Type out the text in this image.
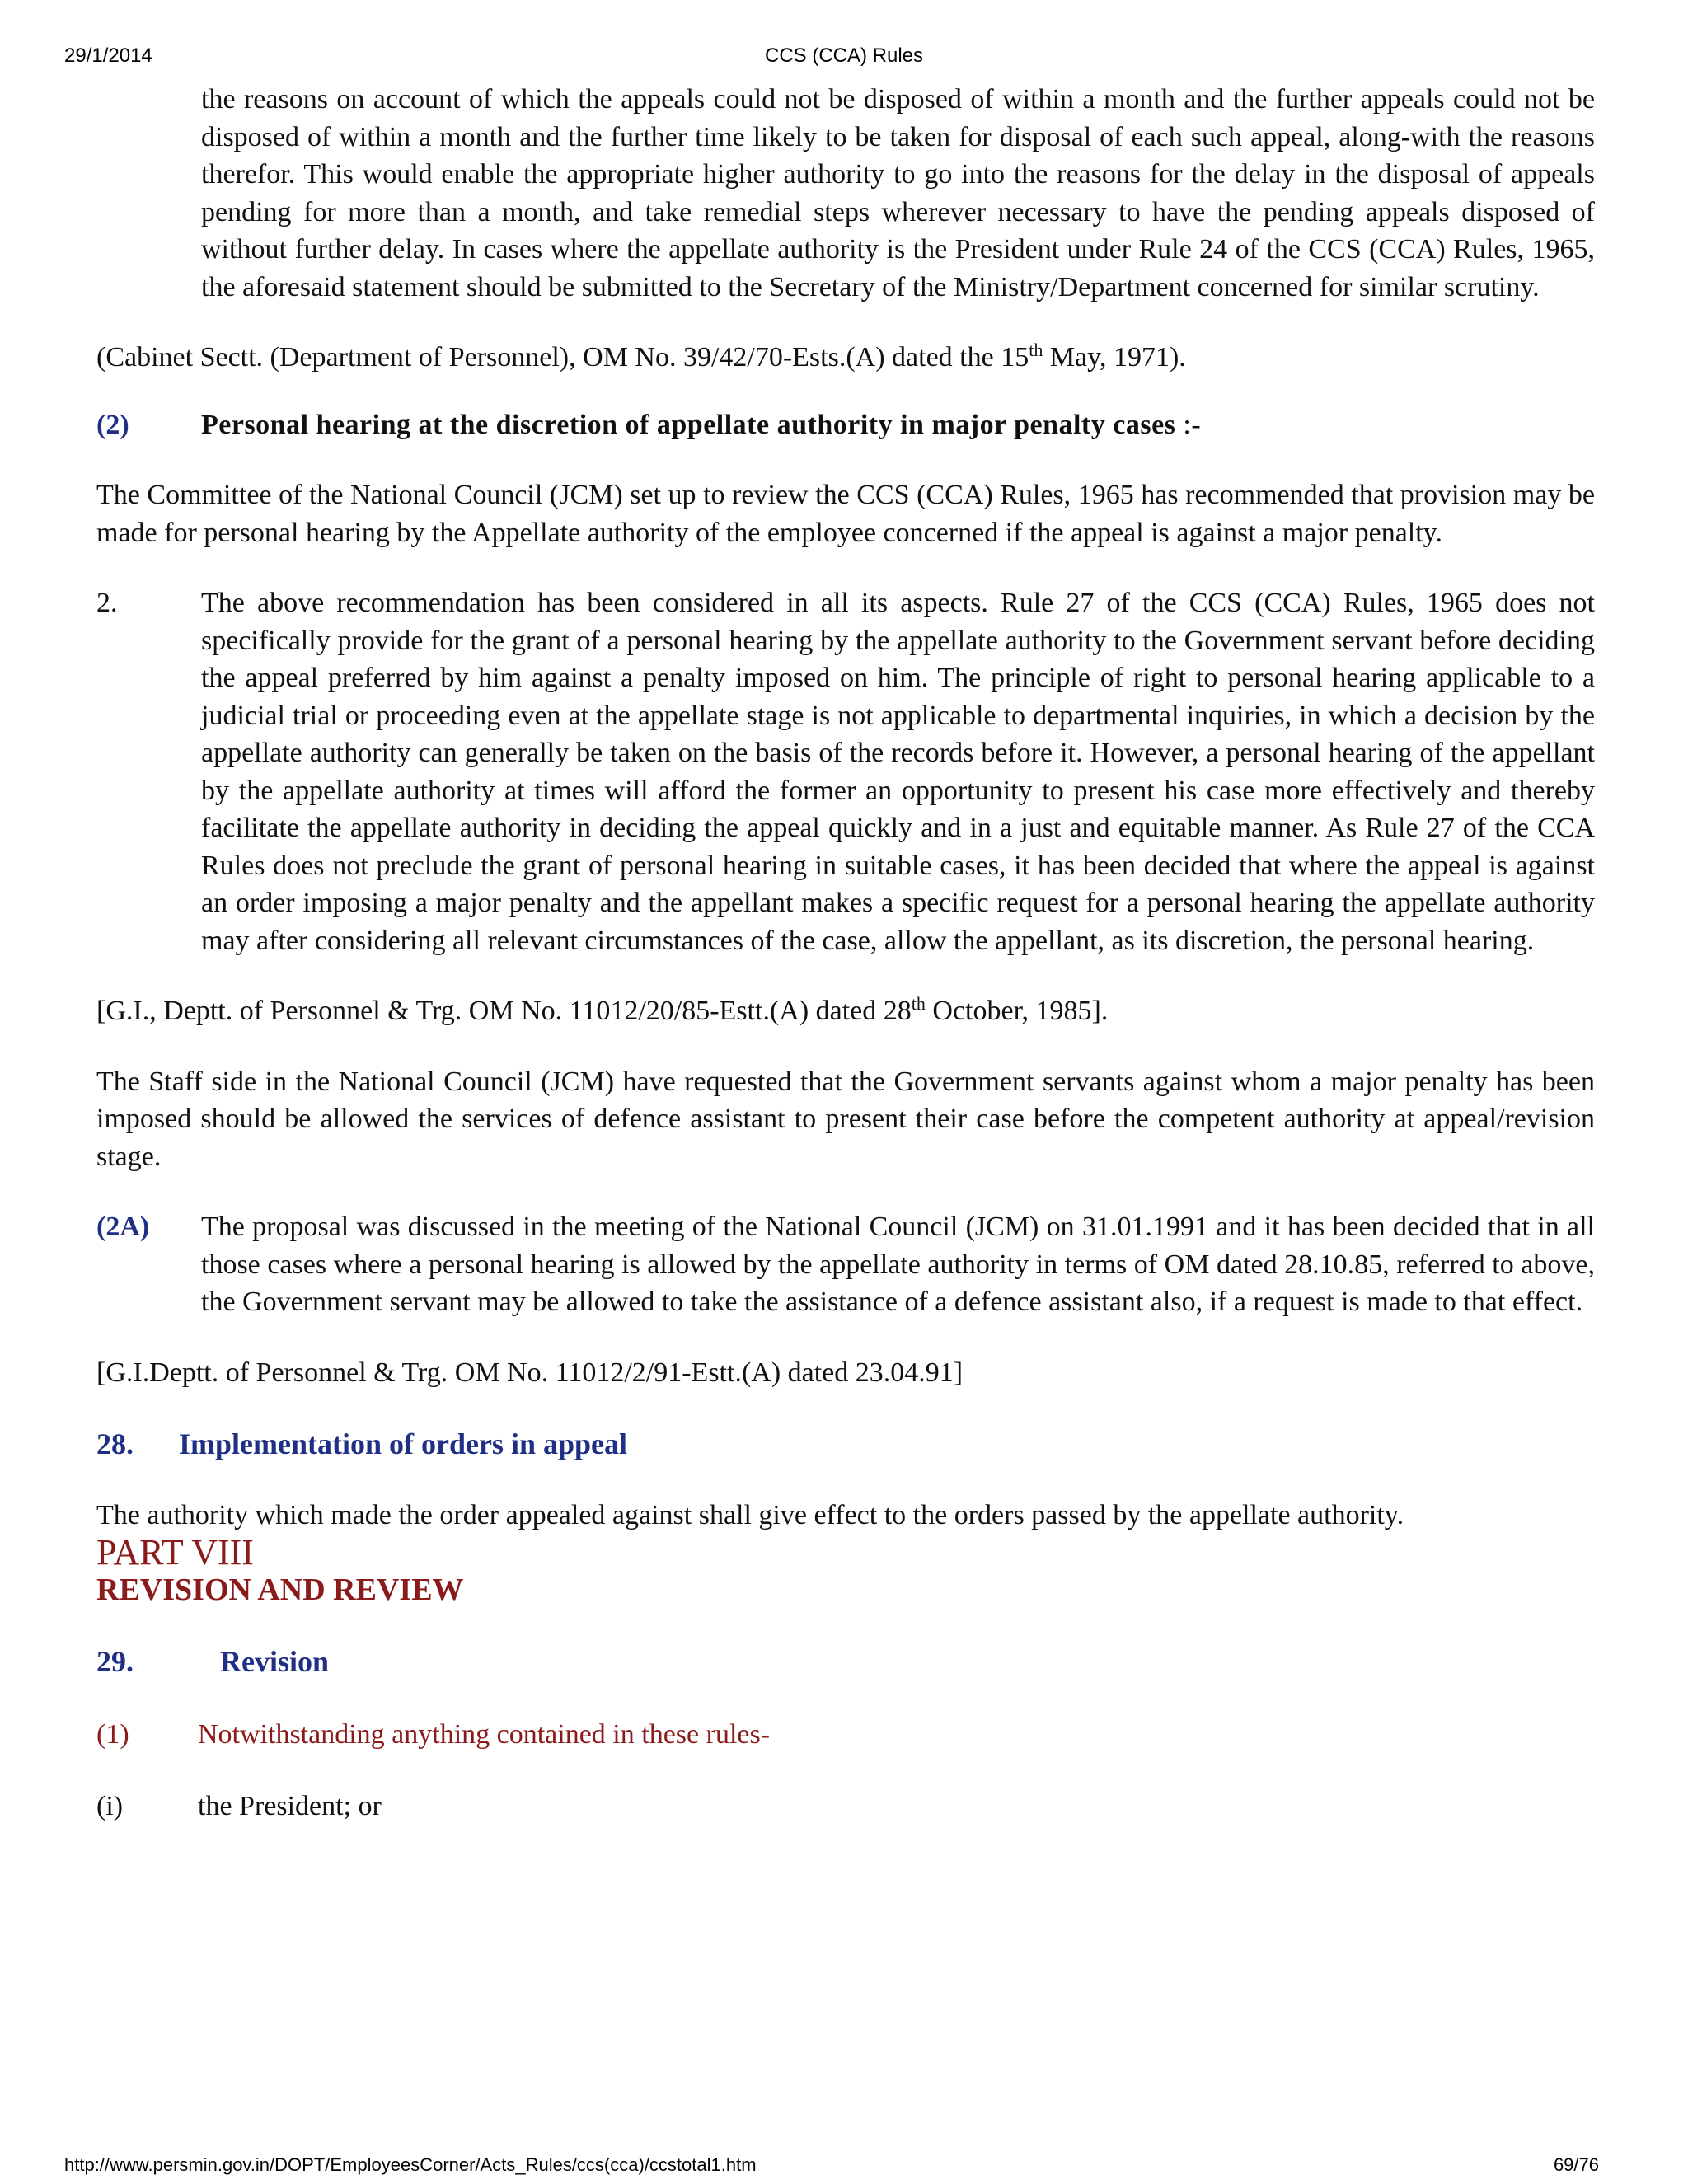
29/1/2014	CCS (CCA) Rules

the reasons on account of which the appeals could not be disposed of within a month and the further appeals could not be disposed of within a month and the further time likely to be taken for disposal of each such appeal, along-with the reasons therefor. This would enable the appropriate higher authority to go into the reasons for the delay in the disposal of appeals pending for more than a month, and take remedial steps wherever necessary to have the pending appeals disposed of without further delay. In cases where the appellate authority is the President under Rule 24 of the CCS (CCA) Rules, 1965, the aforesaid statement should be submitted to the Secretary of the Ministry/Department concerned for similar scrutiny.

(Cabinet Sectt. (Department of Personnel), OM No. 39/42/70-Ests.(A) dated the 15th May, 1971).

(2)	Personal hearing at the discretion of appellate authority in major penalty cases :-

The Committee of the National Council (JCM) set up to review the CCS (CCA) Rules, 1965 has recommended that provision may be made for personal hearing by the Appellate authority of the employee concerned if the appeal is against a major penalty.

2.	The above recommendation has been considered in all its aspects. Rule 27 of the CCS (CCA) Rules, 1965 does not specifically provide for the grant of a personal hearing by the appellate authority to the Government servant before deciding the appeal preferred by him against a penalty imposed on him. The principle of right to personal hearing applicable to a judicial trial or proceeding even at the appellate stage is not applicable to departmental inquiries, in which a decision by the appellate authority can generally be taken on the basis of the records before it. However, a personal hearing of the appellant by the appellate authority at times will afford the former an opportunity to present his case more effectively and thereby facilitate the appellate authority in deciding the appeal quickly and in a just and equitable manner. As Rule 27 of the CCA Rules does not preclude the grant of personal hearing in suitable cases, it has been decided that where the appeal is against an order imposing a major penalty and the appellant makes a specific request for a personal hearing the appellate authority may after considering all relevant circumstances of the case, allow the appellant, as its discretion, the personal hearing.

[G.I., Deptt. of Personnel & Trg. OM No. 11012/20/85-Estt.(A) dated 28th October, 1985].

The Staff side in the National Council (JCM) have requested that the Government servants against whom a major penalty has been imposed should be allowed the services of defence assistant to present their case before the competent authority at appeal/revision stage.

(2A) The proposal was discussed in the meeting of the National Council (JCM) on 31.01.1991 and it has been decided that in all those cases where a personal hearing is allowed by the appellate authority in terms of OM dated 28.10.85, referred to above, the Government servant may be allowed to take the assistance of a defence assistant also, if a request is made to that effect.

[G.I.Deptt. of Personnel & Trg. OM No. 11012/2/91-Estt.(A) dated 23.04.91]

28.	Implementation of orders in appeal

The authority which made the order appealed against shall give effect to the orders passed by the appellate authority.

PART VIII

REVISION AND REVIEW

29.	Revision
(1)	Notwithstanding anything contained in these rules-
(i)	the President; or
http://www.persmin.gov.in/DOPT/EmployeesCorner/Acts_Rules/ccs(cca)/ccstotal1.htm	69/76
